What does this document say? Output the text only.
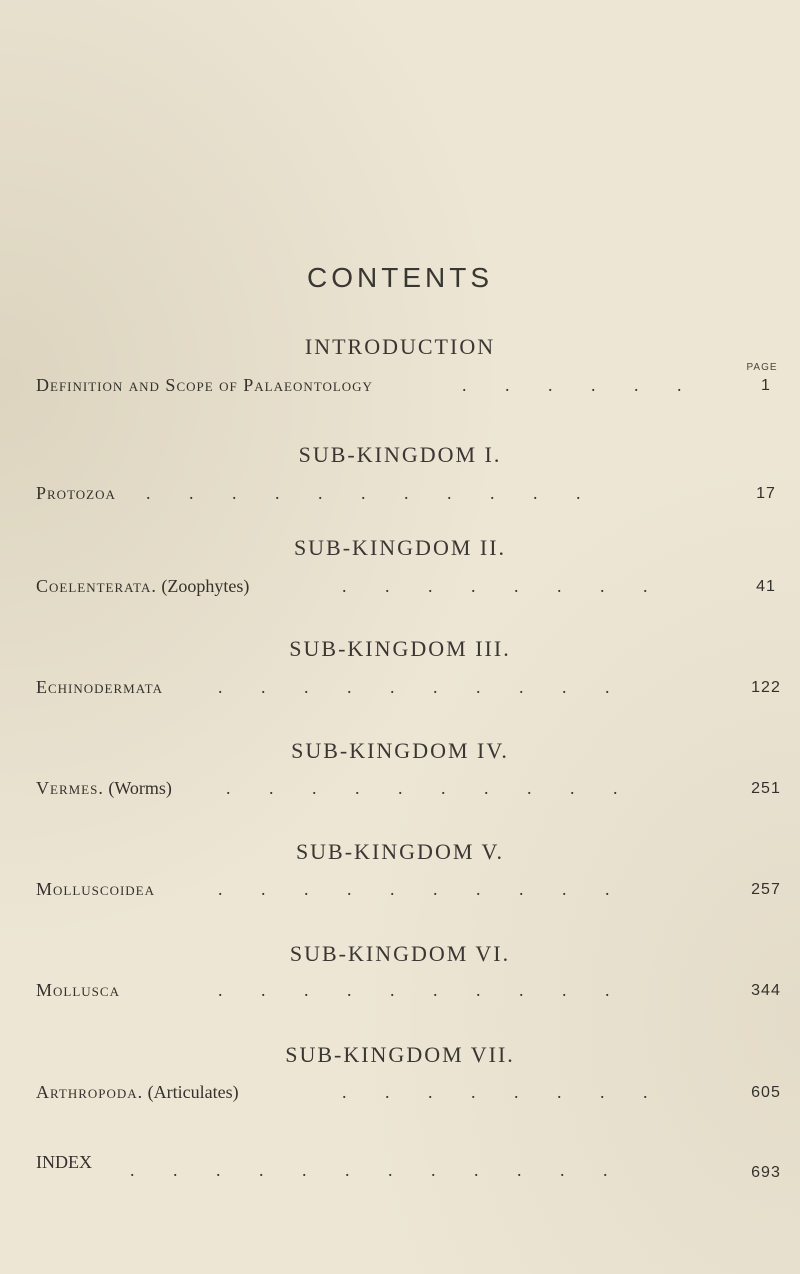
CONTENTS
PAGE
INTRODUCTION
Definition and Scope of Palaeontology	. . . . . .	1
SUB-KINGDOM I.
Protozoa . . . . . . . . . . .	17
SUB-KINGDOM II.
Coelenterata. (Zoophytes)	. . . . . . . .	41
SUB-KINGDOM III.
Echinodermata	. . . . . . . . . .	122
SUB-KINGDOM IV.
Vermes. (Worms)	. . . . . . . . . .	251
SUB-KINGDOM V.
Molluscoidea	. . . . . . . . . .	257
SUB-KINGDOM VI.
Mollusca	. . . . . . . . . .	344
SUB-KINGDOM VII.
Arthropoda. (Articulates)	. . . . . . . .	605
INDEX . . . . . . . . . . . .	693
